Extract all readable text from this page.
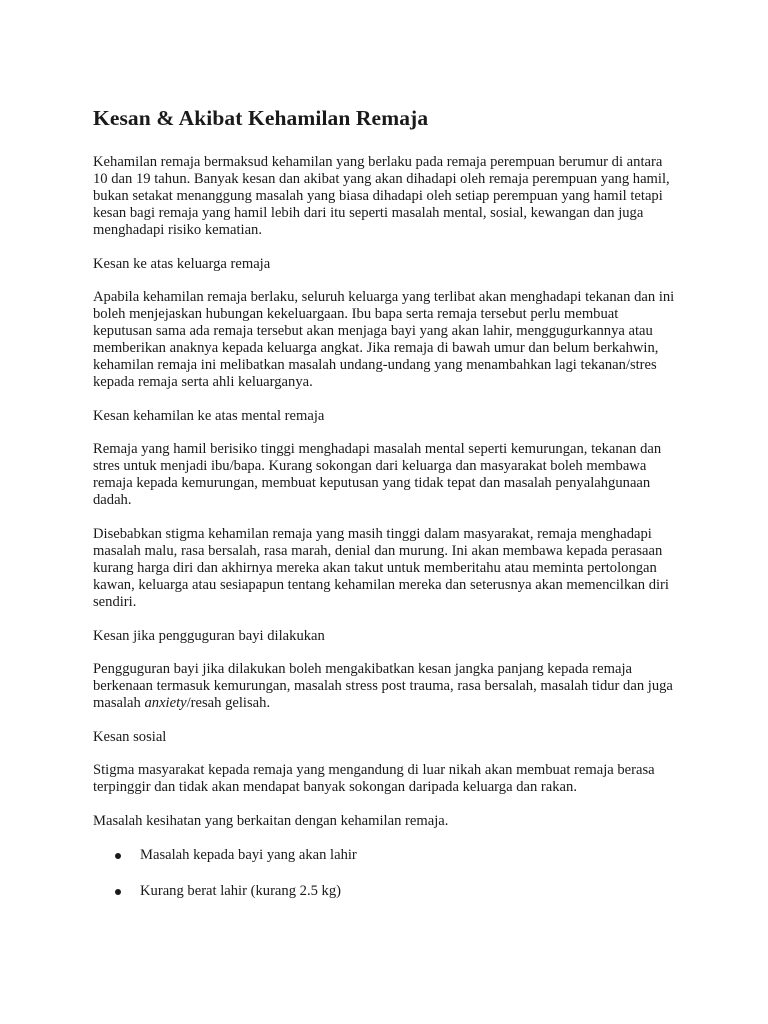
Kesan & Akibat Kehamilan Remaja

Kehamilan remaja bermaksud kehamilan yang berlaku pada remaja perempuan berumur di antara 10 dan 19 tahun. Banyak kesan dan akibat yang akan dihadapi oleh remaja perempuan yang hamil, bukan setakat menanggung masalah yang biasa dihadapi oleh setiap perempuan yang hamil tetapi kesan bagi remaja yang hamil lebih dari itu seperti masalah mental, sosial, kewangan dan juga menghadapi risiko kematian.

Kesan ke atas keluarga remaja

Apabila kehamilan remaja berlaku, seluruh keluarga yang terlibat akan menghadapi tekanan dan ini boleh menjejaskan hubungan kekeluargaan. Ibu bapa serta remaja tersebut perlu membuat keputusan sama ada remaja tersebut akan menjaga bayi yang akan lahir, menggugurkannya atau memberikan anaknya kepada keluarga angkat. Jika remaja di bawah umur dan belum berkahwin, kehamilan remaja ini melibatkan masalah undang-undang yang menambahkan lagi tekanan/stres kepada remaja serta ahli keluarganya.

Kesan kehamilan ke atas mental remaja

Remaja yang hamil berisiko tinggi menghadapi masalah mental seperti kemurungan, tekanan dan stres untuk menjadi ibu/bapa. Kurang sokongan dari keluarga dan masyarakat boleh membawa remaja kepada kemurungan, membuat keputusan yang tidak tepat dan masalah penyalahgunaan dadah.

Disebabkan stigma kehamilan remaja yang masih tinggi dalam masyarakat, remaja menghadapi masalah malu, rasa bersalah, rasa marah, denial dan murung. Ini akan membawa kepada perasaan kurang harga diri dan akhirnya mereka akan takut untuk memberitahu atau meminta pertolongan kawan, keluarga atau sesiapapun tentang kehamilan mereka dan seterusnya akan memencilkan diri sendiri.

Kesan jika pengguguran bayi dilakukan

Pengguguran bayi jika dilakukan boleh mengakibatkan kesan jangka panjang kepada remaja berkenaan termasuk kemurungan, masalah stress post trauma, rasa bersalah, masalah tidur dan juga masalah anxiety/resah gelisah.

Kesan sosial

Stigma masyarakat kepada remaja yang mengandung di luar nikah akan membuat remaja berasa terpinggir dan tidak akan mendapat banyak sokongan daripada keluarga dan rakan.

Masalah kesihatan yang berkaitan dengan kehamilan remaja.

Masalah kepada bayi yang akan lahir
Kurang berat lahir (kurang 2.5 kg)
